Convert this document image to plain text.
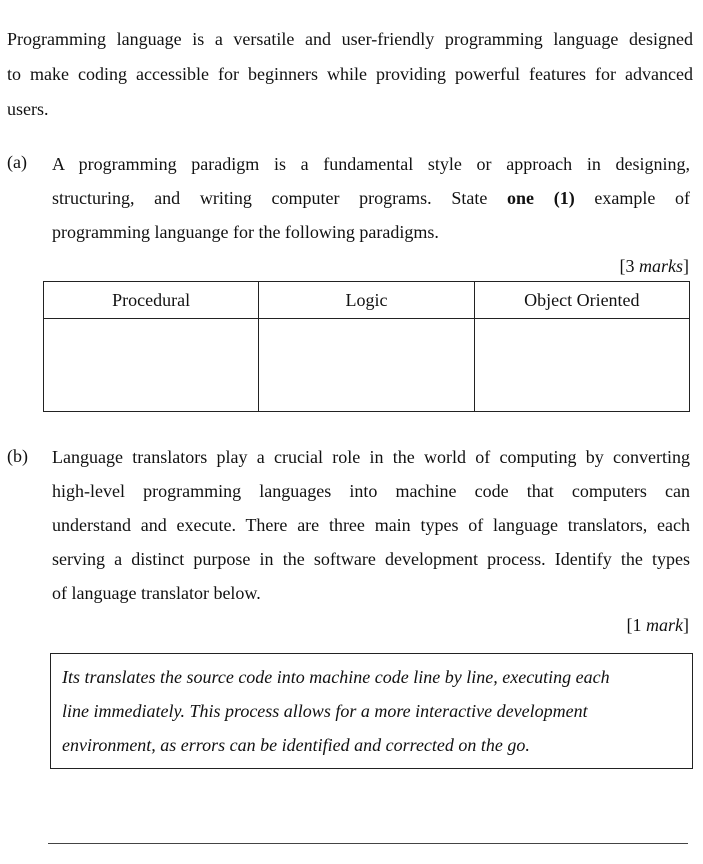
Programming language is a versatile and user-friendly programming language designed
to make coding accessible for beginners while providing powerful features for advanced
users.
(a) A programming paradigm is a fundamental style or approach in designing,
structuring, and writing computer programs. State one (1) example of
programming languange for the following paradigms.
[3 marks]
Procedural	Logic	Object Oriented

(b) Language translators play a crucial role in the world of computing by converting
high-level programming languages into machine code that computers can
understand and execute. There are three main types of language translators, each
serving a distinct purpose in the software development process. Identify the types
of language translator below.
[1 mark]
Its translates the source code into machine code line by line, executing each
line immediately. This process allows for a more interactive development
environment, as errors can be identified and corrected on the go.
